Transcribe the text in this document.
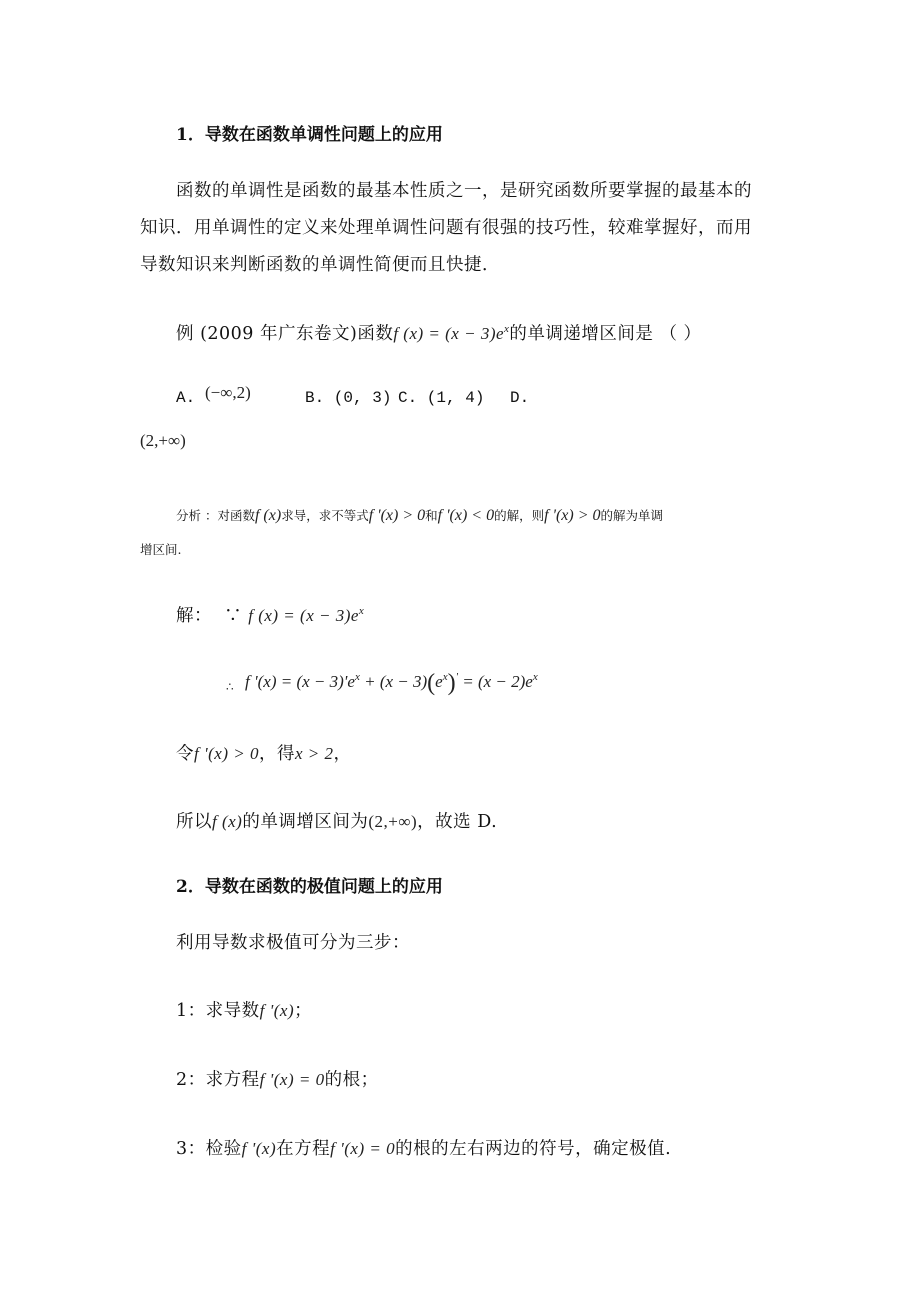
1．导数在函数单调性问题上的应用
函数的单调性是函数的最基本性质之一，是研究函数所要掌握的最基本的
知识．用单调性的定义来处理单调性问题有很强的技巧性，较难掌握好，而用
导数知识来判断函数的单调性简便而且快捷．
例 (2009 年广东卷文)函数f $(x) = (x - 3)e^x$的单调递增区间是 （ ）
A. (−∞,2)	B. (0, 3) C. (1, 4) D.
(2,+∞)
分析 ：对函数f (x)求导，求不等式f '(x) > 0和f '(x) < 0的解，则f '(x) > 0的解为单调
增区间.
解： ∵ f $(x) = (x - 3)e^x$
∴ f '$(x) = (x - 3)'e^x + (x - 3)(e^x)' = (x - 2)e^x$
令f '(x) > 0，得x > 2，
所以f (x)的单调增区间为(2,+∞)，故选 D.
2．导数在函数的极值问题上的应用
利用导数求极值可分为三步：
1：求导数f '(x)；
2：求方程f '(x) = 0的根；
3：检验f '(x)在方程f '(x) = 0的根的左右两边的符号，确定极值.
